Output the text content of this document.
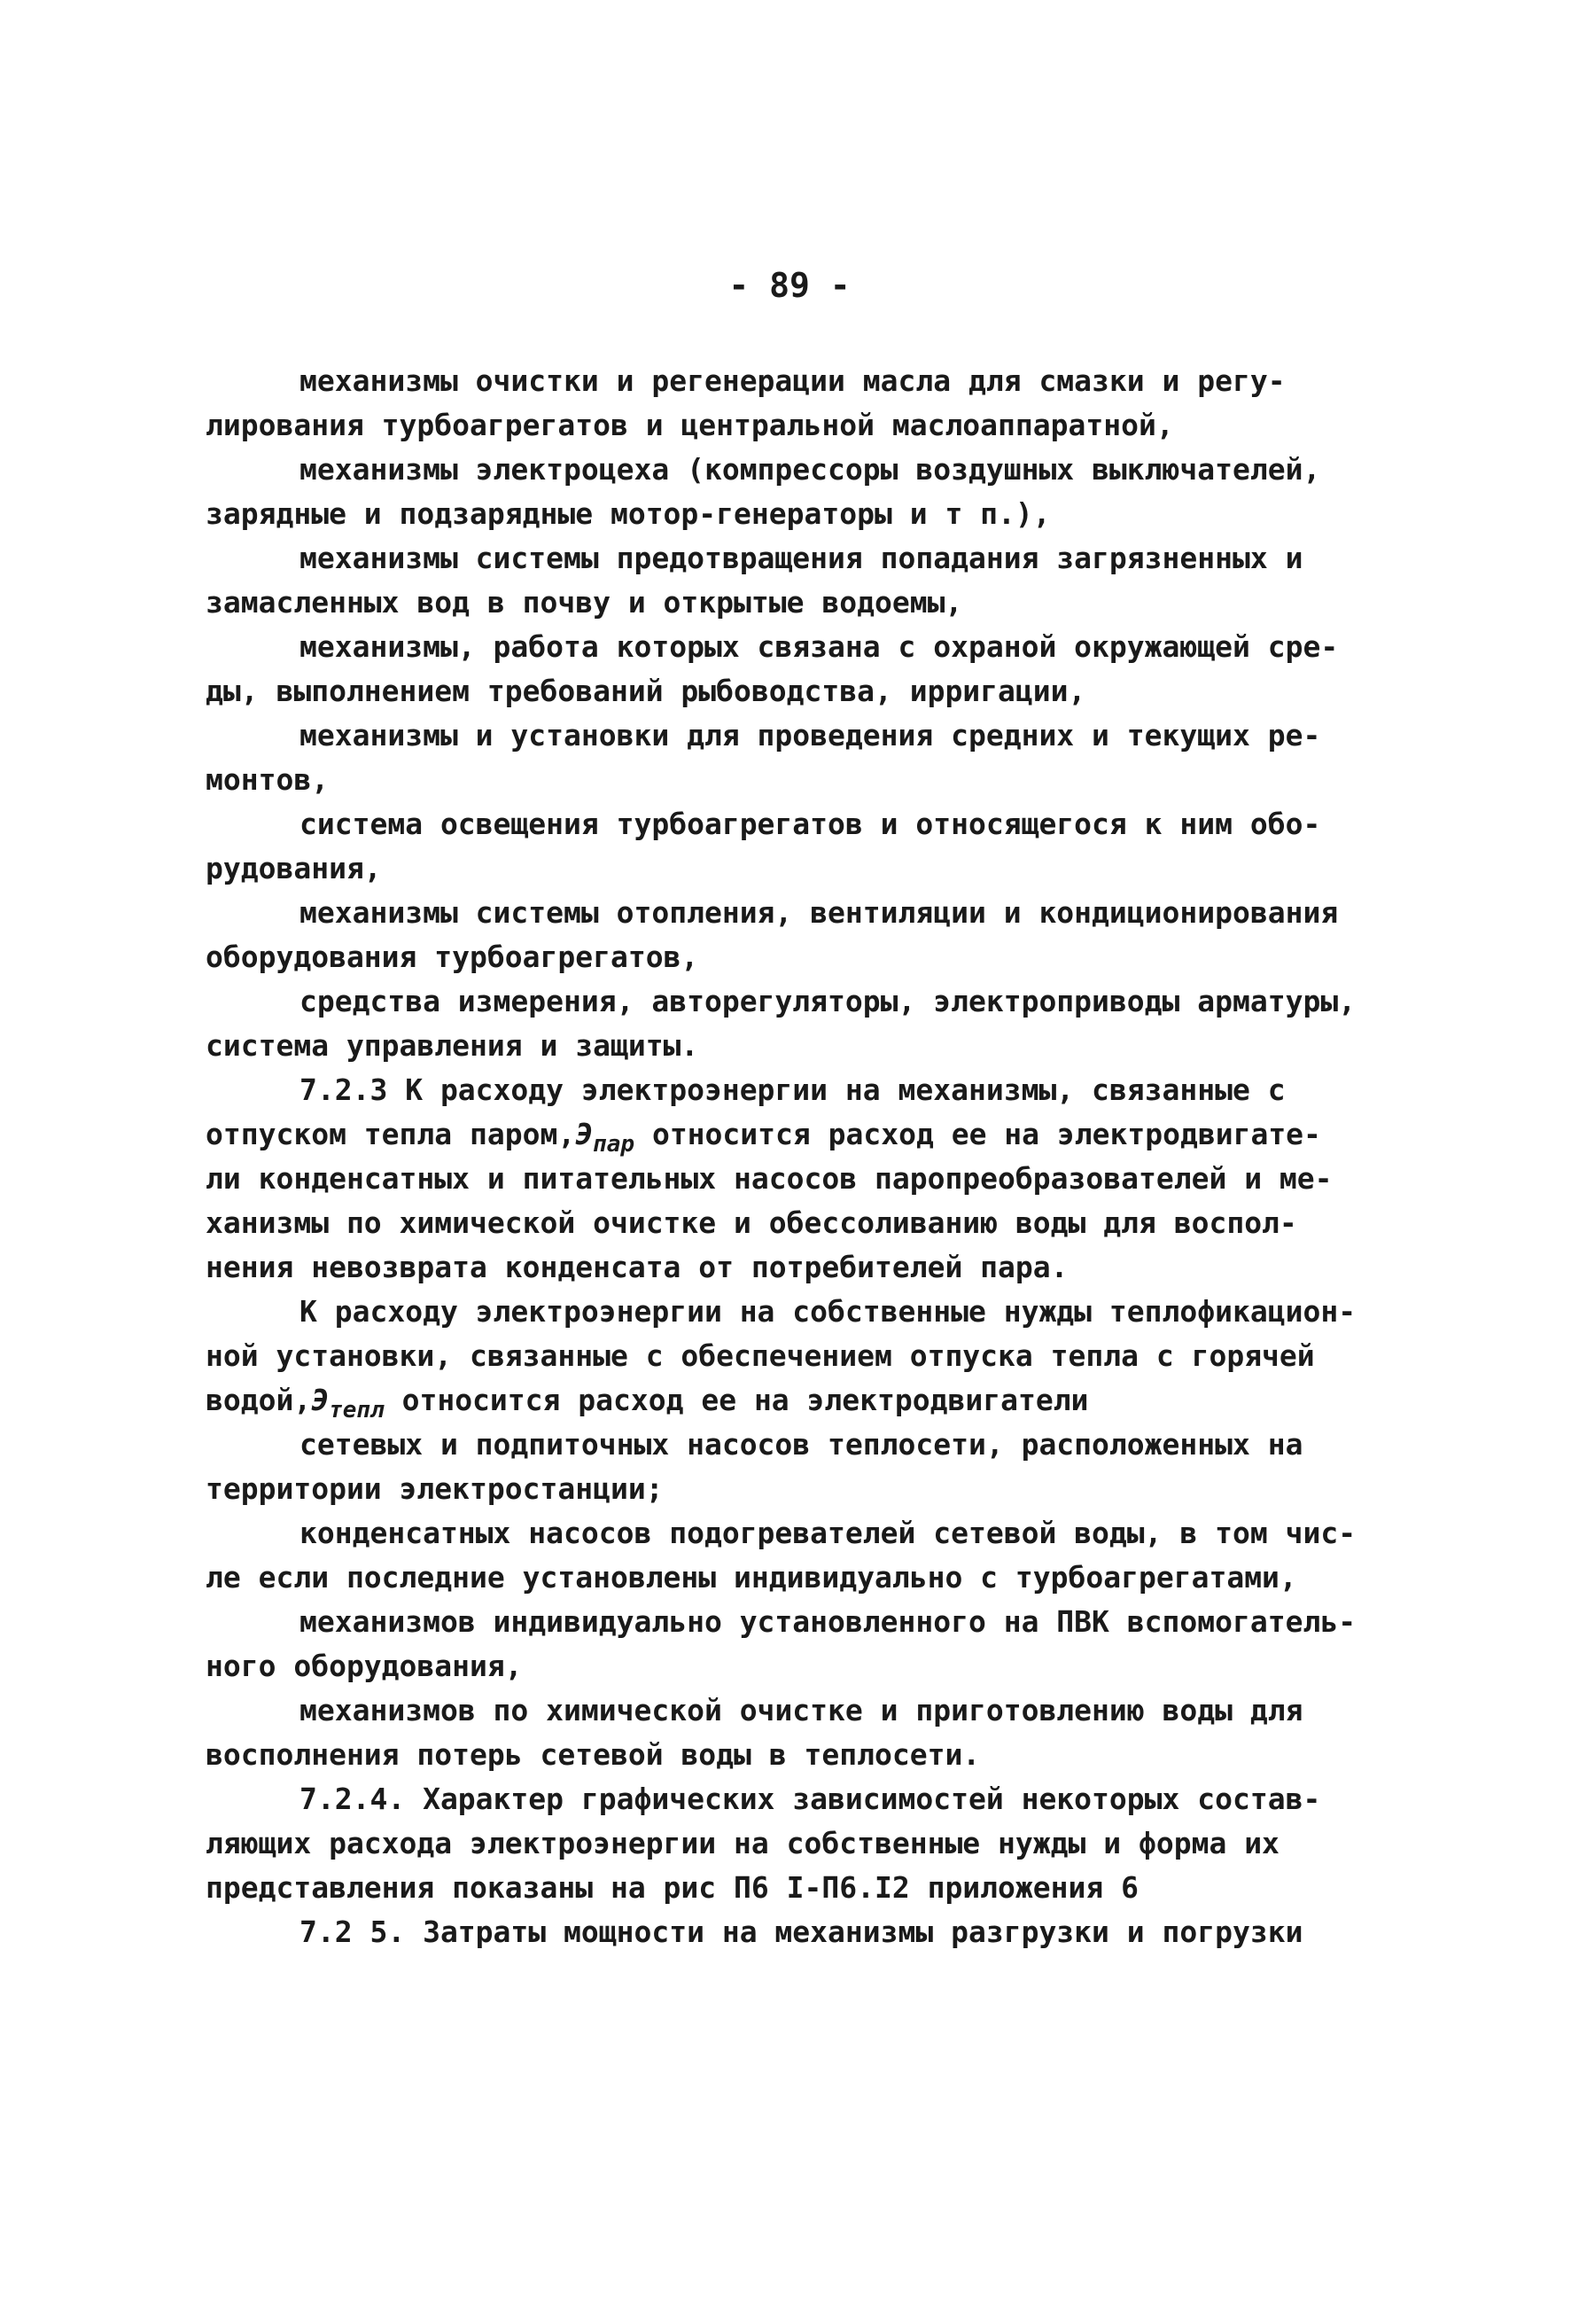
- 89 -
механизмы очистки и регенерации масла для смазки и регу-
лирования турбоагрегатов и центральной маслоаппаратной,
механизмы электроцеха (компрессоры воздушных выключателей,
зарядные и подзарядные мотор-генераторы и т п.),
механизмы системы предотвращения попадания загрязненных и
замасленных вод в почву и открытые водоемы,
механизмы, работа которых связана с охраной окружающей сре-
ды, выполнением требований рыбоводства, ирригации,
механизмы и установки для проведения средних и текущих ре-
монтов,
система освещения турбоагрегатов и относящегося к ним обо-
рудования,
механизмы системы отопления, вентиляции и кондиционирования
оборудования турбоагрегатов,
средства измерения, авторегуляторы, электроприводы арматуры,
система управления и защиты.
7.2.3 К расходу электроэнергии на механизмы, связанные с
отпуском тепла $паром,Э_{пар}$ относится расход ее на электродвигате-
ли конденсатных и питательных насосов паропреобразователей и ме-
ханизмы по химической очистке и обессоливанию воды для воспол-
нения невозврата конденсата от потребителей пара.
К расходу электроэнергии на собственные нужды теплофикацион-
ной установки, связанные с обеспечением отпуска тепла с горячей
$водой,Э_{тепл}$ относится расход ее на электродвигатели
сетевых и подпиточных насосов теплосети, расположенных на
территории электростанции;
конденсатных насосов подогревателей сетевой воды, в том чис-
ле если последние установлены индивидуально с турбоагрегатами,
механизмов индивидуально установленного на ПВК вспомогатель-
ного оборудования,
механизмов по химической очистке и приготовлению воды для
восполнения потерь сетевой воды в теплосети.
7.2.4. Характер графических зависимостей некоторых состав-
ляющих расхода электроэнергии на собственные нужды и форма их
представления показаны на рис П6 I-П6.I2 приложения 6
7.2 5. Затраты мощности на механизмы разгрузки и погрузки
